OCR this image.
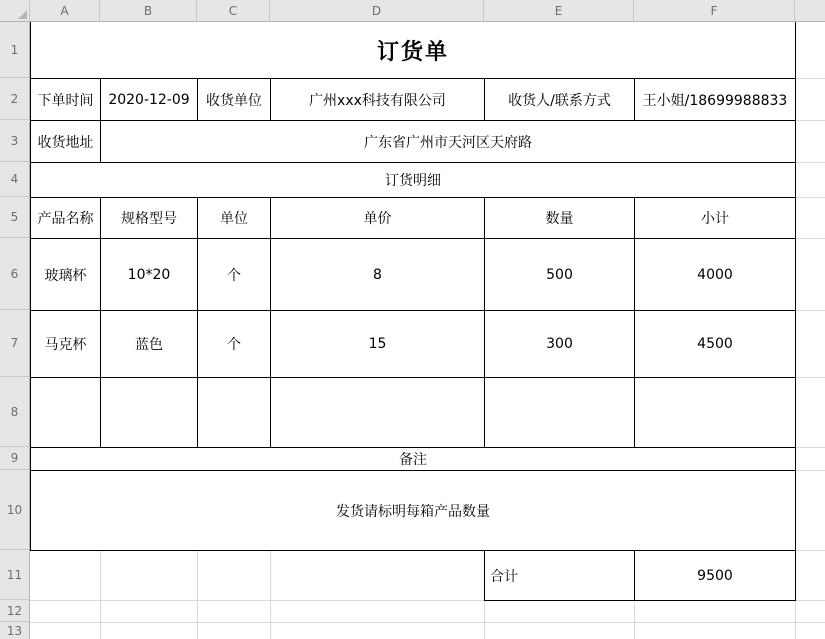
A	B	C	D	E	F
1
2
3
4
5
6
7
8
9
10
11
12
13
订货单
下单时间	2020-12-09	收货单位	广州xxx科技有限公司	收货人/联系方式	王小姐/18699988833
收货地址	广东省广州市天河区天府路
订货明细
产品名称	规格型号	单位	单价	数量	小计
玻璃杯	10*20	个	8	500	4000
马克杯	蓝色	个	15	300	4500
备注
发货请标明每箱产品数量
合计	9500
